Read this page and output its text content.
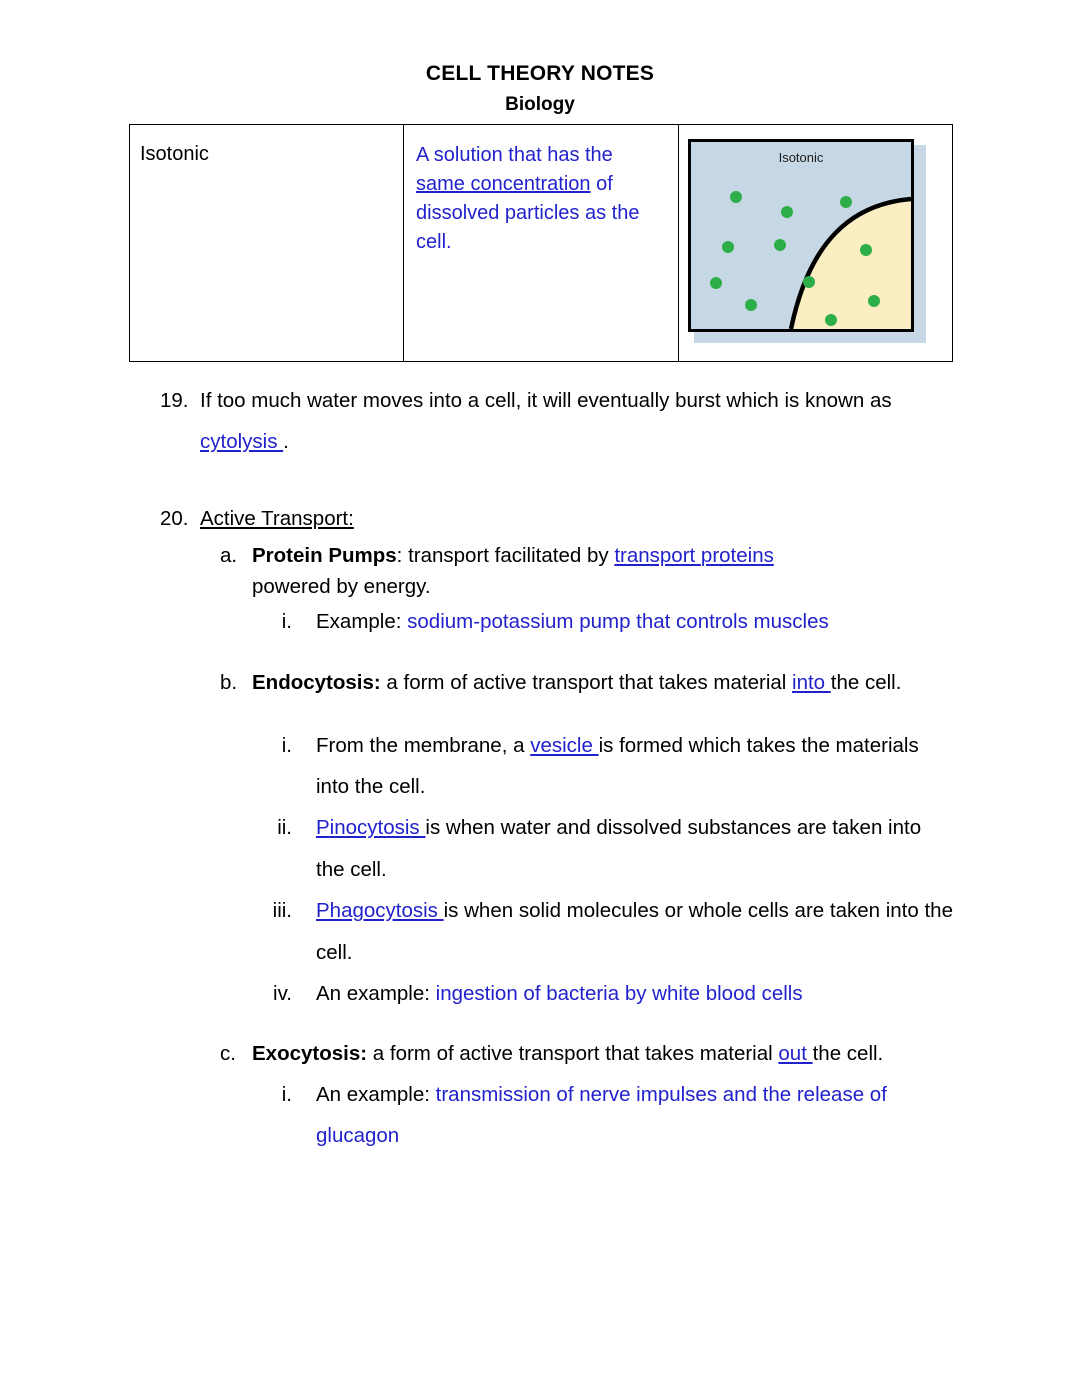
CELL THEORY NOTES
Biology
Isotonic	A solution that has the same concentration of dissolved particles as the cell.
Isotonic
19. If too much water moves into a cell, it will eventually burst which is known as cytolysis .
20. Active Transport:
a. Protein Pumps: transport facilitated by transport proteins
powered by energy.
i. Example: sodium-potassium pump that controls muscles
b. Endocytosis: a form of active transport that takes material into the cell.
i. From the membrane, a vesicle is formed which takes the materials into the cell.
ii. Pinocytosis is when water and dissolved substances are taken into the cell.
iii. Phagocytosis is when solid molecules or whole cells are taken into the cell.
iv. An example: ingestion of bacteria by white blood cells
c. Exocytosis: a form of active transport that takes material out the cell.
i. An example: transmission of nerve impulses and the release of glucagon
